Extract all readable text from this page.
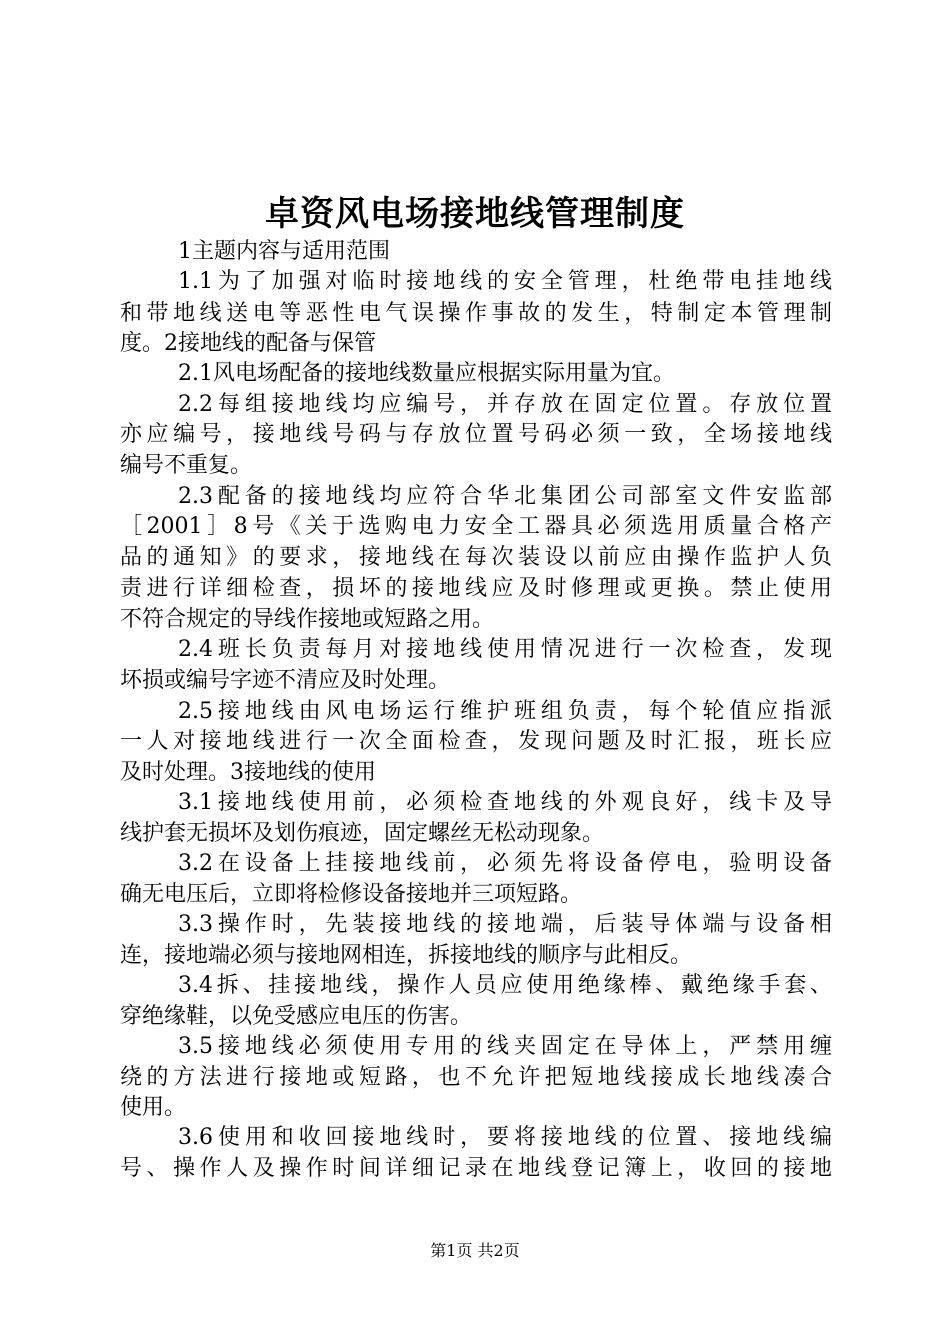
卓资风电场接地线管理制度
1主题内容与适用范围
1.1为了加强对临时接地线的安全管理，杜绝带电挂地线
和带地线送电等恶性电气误操作事故的发生，特制定本管理制
度。2接地线的配备与保管
2.1风电场配备的接地线数量应根据实际用量为宜。
2.2每组接地线均应编号，并存放在固定位置。存放位置
亦应编号，接地线号码与存放位置号码必须一致，全场接地线
编号不重复。
2.3配备的接地线均应符合华北集团公司部室文件安监部
［2001］8号《关于选购电力安全工器具必须选用质量合格产
品的通知》的要求，接地线在每次装设以前应由操作监护人负
责进行详细检查，损坏的接地线应及时修理或更换。禁止使用
不符合规定的导线作接地或短路之用。
2.4班长负责每月对接地线使用情况进行一次检查，发现
坏损或编号字迹不清应及时处理。
2.5接地线由风电场运行维护班组负责，每个轮值应指派
一人对接地线进行一次全面检查，发现问题及时汇报，班长应
及时处理。3接地线的使用
3.1接地线使用前，必须检查地线的外观良好，线卡及导
线护套无损坏及划伤痕迹，固定螺丝无松动现象。
3.2在设备上挂接地线前，必须先将设备停电，验明设备
确无电压后，立即将检修设备接地并三项短路。
3.3操作时，先装接地线的接地端，后装导体端与设备相
连，接地端必须与接地网相连，拆接地线的顺序与此相反。
3.4拆、挂接地线，操作人员应使用绝缘棒、戴绝缘手套、
穿绝缘鞋，以免受感应电压的伤害。
3.5接地线必须使用专用的线夹固定在导体上，严禁用缠
绕的方法进行接地或短路，也不允许把短地线接成长地线凑合
使用。
3.6使用和收回接地线时，要将接地线的位置、接地线编
号、操作人及操作时间详细记录在地线登记簿上，收回的接地
第1页 共2页
